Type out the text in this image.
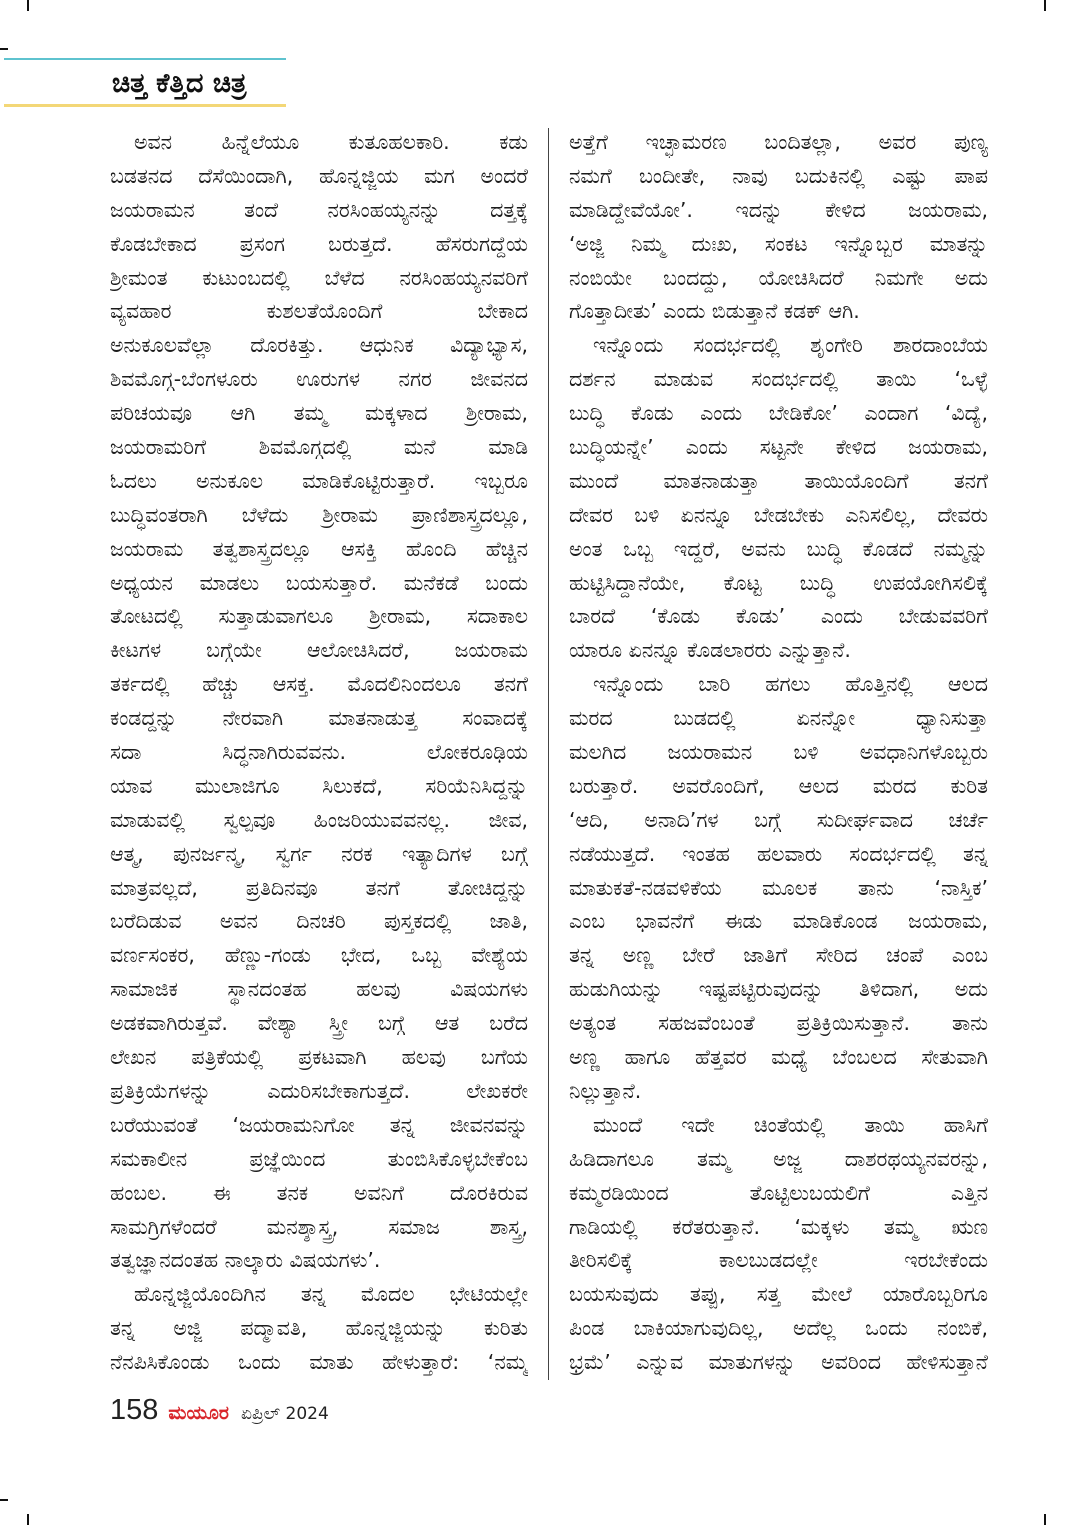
ಚಿತ್ತ ಕೆತ್ತಿದ ಚಿತ್ರ
ಅವನ ಹಿನ್ನೆಲೆಯೂ ಕುತೂಹಲಕಾರಿ. ಕಡು
ಬಡತನದ ದೆಸೆಯಿಂದಾಗಿ, ಹೊನ್ನಜ್ಜಿಯ ಮಗ ಅಂದರೆ
ಜಯರಾಮನ ತಂದೆ ನರಸಿಂಹಯ್ಯನನ್ನು ದತ್ತಕ್ಕೆ
ಕೊಡಬೇಕಾದ ಪ್ರಸಂಗ ಬರುತ್ತದೆ. ಹೆಸರುಗದ್ದೆಯ
ಶ್ರೀಮಂತ ಕುಟುಂಬದಲ್ಲಿ ಬೆಳೆದ ನರಸಿಂಹಯ್ಯನವರಿಗೆ
ವ್ಯವಹಾರ ಕುಶಲತೆಯೊಂದಿಗೆ ಬೇಕಾದ
ಅನುಕೂಲವೆಲ್ಲಾ ದೊರಕಿತ್ತು. ಆಧುನಿಕ ವಿದ್ಯಾಭ್ಯಾಸ,
ಶಿವಮೊಗ್ಗ-ಬೆಂಗಳೂರು ಊರುಗಳ ನಗರ ಜೀವನದ
ಪರಿಚಯವೂ ಆಗಿ ತಮ್ಮ ಮಕ್ಕಳಾದ ಶ್ರೀರಾಮ,
ಜಯರಾಮರಿಗೆ ಶಿವಮೊಗ್ಗದಲ್ಲಿ ಮನೆ ಮಾಡಿ
ಓದಲು ಅನುಕೂಲ ಮಾಡಿಕೊಟ್ಟಿರುತ್ತಾರೆ. ಇಬ್ಬರೂ
ಬುದ್ಧಿವಂತರಾಗಿ ಬೆಳೆದು ಶ್ರೀರಾಮ ಪ್ರಾಣಿಶಾಸ್ತ್ರದಲ್ಲೂ,
ಜಯರಾಮ ತತ್ವಶಾಸ್ತ್ರದಲ್ಲೂ ಆಸಕ್ತಿ ಹೊಂದಿ ಹೆಚ್ಚಿನ
ಅಧ್ಯಯನ ಮಾಡಲು ಬಯಸುತ್ತಾರೆ. ಮನೆಕಡೆ ಬಂದು
ತೋಟದಲ್ಲಿ ಸುತ್ತಾಡುವಾಗಲೂ ಶ್ರೀರಾಮ, ಸದಾಕಾಲ
ಕೀಟಗಳ ಬಗ್ಗೆಯೇ ಆಲೋಚಿಸಿದರೆ, ಜಯರಾಮ
ತರ್ಕದಲ್ಲಿ ಹೆಚ್ಚು ಆಸಕ್ತ. ಮೊದಲಿನಿಂದಲೂ ತನಗೆ
ಕಂಡದ್ದನ್ನು ನೇರವಾಗಿ ಮಾತನಾಡುತ್ತ ಸಂವಾದಕ್ಕೆ
ಸದಾ ಸಿದ್ಧನಾಗಿರುವವನು. ಲೋಕರೂಢಿಯ
ಯಾವ ಮುಲಾಜಿಗೂ ಸಿಲುಕದೆ, ಸರಿಯೆನಿಸಿದ್ದನ್ನು
ಮಾಡುವಲ್ಲಿ ಸ್ವಲ್ಪವೂ ಹಿಂಜರಿಯುವವನಲ್ಲ. ಜೀವ,
ಆತ್ಮ, ಪುನರ್ಜನ್ಮ, ಸ್ವರ್ಗ ನರಕ ಇತ್ಯಾದಿಗಳ ಬಗ್ಗೆ
ಮಾತ್ರವಲ್ಲದೆ, ಪ್ರತಿದಿನವೂ ತನಗೆ ತೋಚಿದ್ದನ್ನು
ಬರೆದಿಡುವ ಅವನ ದಿನಚರಿ ಪುಸ್ತಕದಲ್ಲಿ ಜಾತಿ,
ವರ್ಣಸಂಕರ, ಹೆಣ್ಣು-ಗಂಡು ಭೇದ, ಒಬ್ಬ ವೇಶ್ಯೆಯ
ಸಾಮಾಜಿಕ ಸ್ಥಾನದಂತಹ ಹಲವು ವಿಷಯಗಳು
ಅಡಕವಾಗಿರುತ್ತವೆ. ವೇಶ್ಯಾ ಸ್ತ್ರೀ ಬಗ್ಗೆ ಆತ ಬರೆದ
ಲೇಖನ ಪತ್ರಿಕೆಯಲ್ಲಿ ಪ್ರಕಟವಾಗಿ ಹಲವು ಬಗೆಯ
ಪ್ರತಿಕ್ರಿಯೆಗಳನ್ನು ಎದುರಿಸಬೇಕಾಗುತ್ತದೆ. ಲೇಖಕರೇ
ಬರೆಯುವಂತೆ ‘ಜಯರಾಮನಿಗೋ ತನ್ನ ಜೀವನವನ್ನು
ಸಮಕಾಲೀನ ಪ್ರಜ್ಞೆಯಿಂದ ತುಂಬಿಸಿಕೊಳ್ಳಬೇಕೆಂಬ
ಹಂಬಲ. ಈ ತನಕ ಅವನಿಗೆ ದೊರಕಿರುವ
ಸಾಮಗ್ರಿಗಳೆಂದರೆ ಮನಶ್ಶಾಸ್ತ್ರ, ಸಮಾಜ ಶಾಸ್ತ್ರ,
ತತ್ವಜ್ಞಾನದಂತಹ ನಾಲ್ಕಾರು ವಿಷಯಗಳು’.
ಹೊನ್ನಜ್ಜಿಯೊಂದಿಗಿನ ತನ್ನ ಮೊದಲ ಭೇಟಿಯಲ್ಲೇ
ತನ್ನ ಅಜ್ಜಿ ಪದ್ಮಾವತಿ, ಹೊನ್ನಜ್ಜಿಯನ್ನು ಕುರಿತು
ನೆನಪಿಸಿಕೊಂಡು ಒಂದು ಮಾತು ಹೇಳುತ್ತಾರೆ: ‘ನಮ್ಮ
ಅತ್ತೆಗೆ ಇಚ್ಛಾಮರಣ ಬಂದಿತಲ್ಲಾ, ಅವರ ಪುಣ್ಯ
ನಮಗೆ ಬಂದೀತೇ, ನಾವು ಬದುಕಿನಲ್ಲಿ ಎಷ್ಟು ಪಾಪ
ಮಾಡಿದ್ದೇವೆಯೋ’. ಇದನ್ನು ಕೇಳಿದ ಜಯರಾಮ,
‘ಅಜ್ಜಿ ನಿಮ್ಮ ದುಃಖ, ಸಂಕಟ ಇನ್ನೊಬ್ಬರ ಮಾತನ್ನು
ನಂಬಿಯೇ ಬಂದದ್ದು, ಯೋಚಿಸಿದರೆ ನಿಮಗೇ ಅದು
ಗೊತ್ತಾದೀತು’ ಎಂದು ಬಿಡುತ್ತಾನೆ ಕಡಕ್ ಆಗಿ.
ಇನ್ನೊಂದು ಸಂದರ್ಭದಲ್ಲಿ ಶೃಂಗೇರಿ ಶಾರದಾಂಬೆಯ
ದರ್ಶನ ಮಾಡುವ ಸಂದರ್ಭದಲ್ಲಿ ತಾಯಿ ‘ಒಳ್ಳೆ
ಬುದ್ಧಿ ಕೊಡು ಎಂದು ಬೇಡಿಕೋ’ ಎಂದಾಗ ‘ವಿದ್ಯೆ,
ಬುದ್ಧಿಯನ್ನೇ’ ಎಂದು ಸಟ್ಟನೇ ಕೇಳಿದ ಜಯರಾಮ,
ಮುಂದೆ ಮಾತನಾಡುತ್ತಾ ತಾಯಿಯೊಂದಿಗೆ ತನಗೆ
ದೇವರ ಬಳಿ ಏನನ್ನೂ ಬೇಡಬೇಕು ಎನಿಸಲಿಲ್ಲ, ದೇವರು
ಅಂತ ಒಬ್ಬ ಇದ್ದರೆ, ಅವನು ಬುದ್ಧಿ ಕೊಡದೆ ನಮ್ಮನ್ನು
ಹುಟ್ಟಿಸಿದ್ದಾನೆಯೇ, ಕೊಟ್ಟ ಬುದ್ಧಿ ಉಪಯೋಗಿಸಲಿಕ್ಕೆ
ಬಾರದೆ ‘ಕೊಡು ಕೊಡು’ ಎಂದು ಬೇಡುವವರಿಗೆ
ಯಾರೂ ಏನನ್ನೂ ಕೊಡಲಾರರು ಎನ್ನುತ್ತಾನೆ.
ಇನ್ನೊಂದು ಬಾರಿ ಹಗಲು ಹೊತ್ತಿನಲ್ಲಿ ಆಲದ
ಮರದ ಬುಡದಲ್ಲಿ ಏನನ್ನೋ ಧ್ಯಾನಿಸುತ್ತಾ
ಮಲಗಿದ ಜಯರಾಮನ ಬಳಿ ಅವಧಾನಿಗಳೊಬ್ಬರು
ಬರುತ್ತಾರೆ. ಅವರೊಂದಿಗೆ, ಆಲದ ಮರದ ಕುರಿತ
‘ಆದಿ, ಅನಾದಿ’ಗಳ ಬಗ್ಗೆ ಸುದೀರ್ಘವಾದ ಚರ್ಚೆ
ನಡೆಯುತ್ತದೆ. ಇಂತಹ ಹಲವಾರು ಸಂದರ್ಭದಲ್ಲಿ ತನ್ನ
ಮಾತುಕತೆ-ನಡವಳಿಕೆಯ ಮೂಲಕ ತಾನು ‘ನಾಸ್ತಿಕ’
ಎಂಬ ಭಾವನೆಗೆ ಈಡು ಮಾಡಿಕೊಂಡ ಜಯರಾಮ,
ತನ್ನ ಅಣ್ಣ ಬೇರೆ ಜಾತಿಗೆ ಸೇರಿದ ಚಂಪೆ ಎಂಬ
ಹುಡುಗಿಯನ್ನು ಇಷ್ಟಪಟ್ಟಿರುವುದನ್ನು ತಿಳಿದಾಗ, ಅದು
ಅತ್ಯಂತ ಸಹಜವೆಂಬಂತೆ ಪ್ರತಿಕ್ರಿಯಿಸುತ್ತಾನೆ. ತಾನು
ಅಣ್ಣ ಹಾಗೂ ಹೆತ್ತವರ ಮಧ್ಯೆ ಬೆಂಬಲದ ಸೇತುವಾಗಿ
ನಿಲ್ಲುತ್ತಾನೆ.
ಮುಂದೆ ಇದೇ ಚಿಂತೆಯಲ್ಲಿ ತಾಯಿ ಹಾಸಿಗೆ
ಹಿಡಿದಾಗಲೂ ತಮ್ಮ ಅಜ್ಜ ದಾಶರಥಯ್ಯನವರನ್ನು,
ಕಮ್ಮರಡಿಯಿಂದ ತೊಟ್ಟಿಲುಬಯಲಿಗೆ ಎತ್ತಿನ
ಗಾಡಿಯಲ್ಲಿ ಕರೆತರುತ್ತಾನೆ. ‘ಮಕ್ಕಳು ತಮ್ಮ ಋಣ
ತೀರಿಸಲಿಕ್ಕೆ ಕಾಲಬುಡದಲ್ಲೇ ಇರಬೇಕೆಂದು
ಬಯಸುವುದು ತಪ್ಪು, ಸತ್ತ ಮೇಲೆ ಯಾರೊಬ್ಬರಿಗೂ
ಪಿಂಡ ಬಾಕಿಯಾಗುವುದಿಲ್ಲ, ಅದೆಲ್ಲ ಒಂದು ನಂಬಿಕೆ,
ಭ್ರಮೆ’ ಎನ್ನುವ ಮಾತುಗಳನ್ನು ಅವರಿಂದ ಹೇಳಿಸುತ್ತಾನೆ
158 ಮಯೂರ ಏಪ್ರಿಲ್ 2024
